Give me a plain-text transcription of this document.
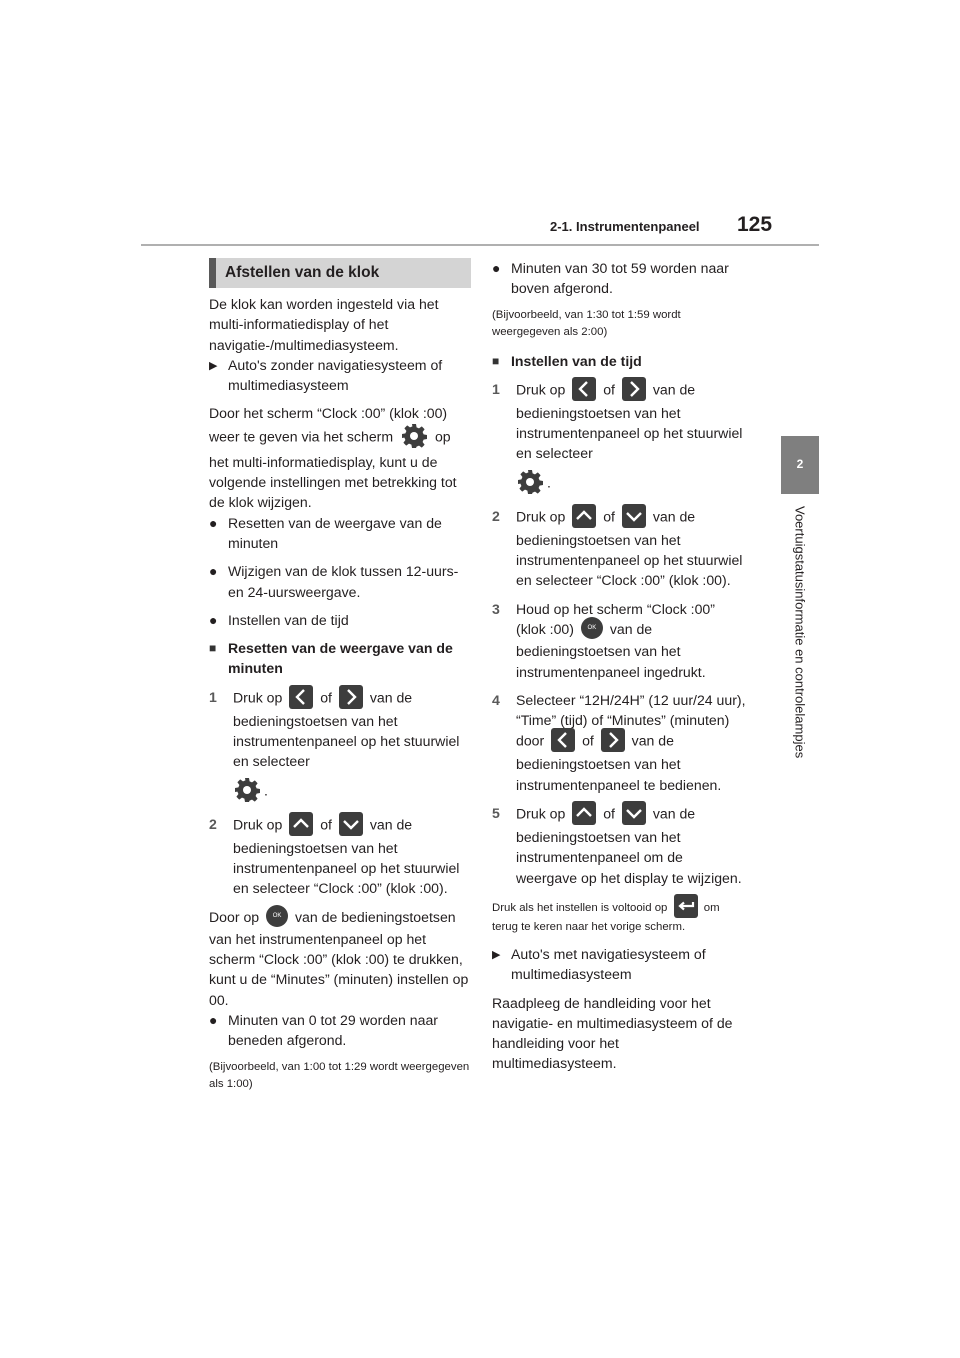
2-1. Instrumentenpaneel 125
2
Voertuigstatusinformatie en controlelampjes
Afstellen van de klok

De klok kan worden ingesteld via het multi-informatiedisplay of het navigatie-/multimediasysteem.

▶ Auto's zonder navigatiesysteem of multimediasysteem

Door het scherm “Clock :00” (klok :00)
weer te geven via het scherm	op het multi-informatiedisplay, kunt u de volgende instellingen met betrekking tot de klok wijzigen.

● Resetten van de weergave van de minuten
● Wijzigen van de klok tussen 12-uurs- en 24-uursweergave.
● Instellen van de tijd
■ Resetten van de weergave van de minuten
1 Druk op	of	van de bedieningstoetsen van het instrumentenpaneel op het stuurwiel en selecteer
.
2 Druk op	of	van de bedieningstoetsen van het instrumentenpaneel op het stuurwiel en selecteer “Clock :00” (klok :00).

Door op OK van de bedieningstoetsen van het instrumentenpaneel op het scherm “Clock :00” (klok :00) te drukken, kunt u de “Minutes” (minuten) instellen op 00.

● Minuten van 0 tot 29 worden naar beneden afgerond.

(Bijvoorbeeld, van 1:00 tot 1:29 wordt weergegeven als 1:00)

● Minuten van 30 tot 59 worden naar boven afgerond.

(Bijvoorbeeld, van 1:30 tot 1:59 wordt weergegeven als 2:00)

■ Instellen van de tijd
1 Druk op	of	van de bedieningstoetsen van het instrumentenpaneel op het stuurwiel en selecteer
.
2 Druk op	of	van de bedieningstoetsen van het instrumentenpaneel op het stuurwiel en selecteer “Clock :00” (klok :00).
3 Houd op het scherm “Clock :00” (klok :00) OK van de bedieningstoetsen van het instrumentenpaneel ingedrukt.
4 Selecteer “12H/24H” (12 uur/24 uur), “Time” (tijd) of “Minutes” (minuten) door	of	van de bedieningstoetsen van het instrumentenpaneel te bedienen.
5 Druk op	of	van de bedieningstoetsen van het instrumentenpaneel om de weergave op het display te wijzigen.

Druk als het instellen is voltooid op	om terug te keren naar het vorige scherm.

▶ Auto's met navigatiesysteem of multimediasysteem

Raadpleeg de handleiding voor het navigatie- en multimediasysteem of de handleiding voor het multimediasysteem.
